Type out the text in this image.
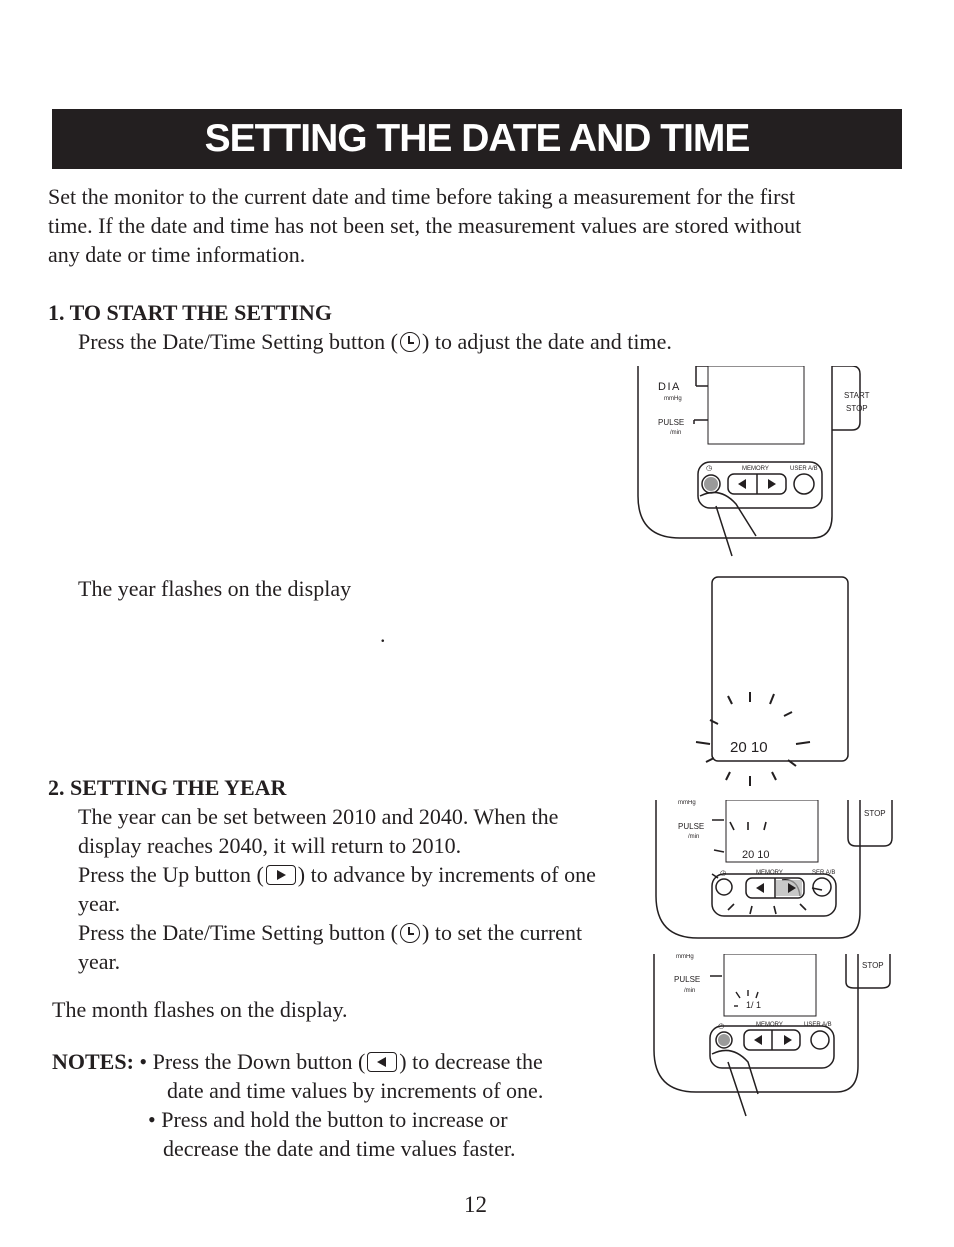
SETTING THE DATE AND TIME
Set the monitor to the current date and time before taking a measurement for the first
time. If the date and time has not been set, the measurement values are stored without
any date or time information.
1. TO START THE SETTING
Press the Date/Time Setting button ( ) to adjust the date and time.
The year flashes on the display
.
2. SETTING THE YEAR
The year can be set between 2010 and 2040. When the
display reaches 2040, it will return to 2010.
Press the Up button ( ) to advance by increments of one
year.
Press the Date/Time Setting button ( ) to set the current
year.
The month flashes on the display.
NOTES: • Press the Down button ( ) to decrease the
date and time values by increments of one.
• Press and hold the button to increase or
decrease the date and time values faster.
12
DIA
mmHg
PULSE
/min
◷	MEMORY	USER A/B
START
STOP
20 10
mmHg
PULSE
/min
20 10
◷	MEMORY	SER A/B
STOP
mmHg
PULSE
/min
1/ 1
◷	MEMORY	USER A/B
STOP
